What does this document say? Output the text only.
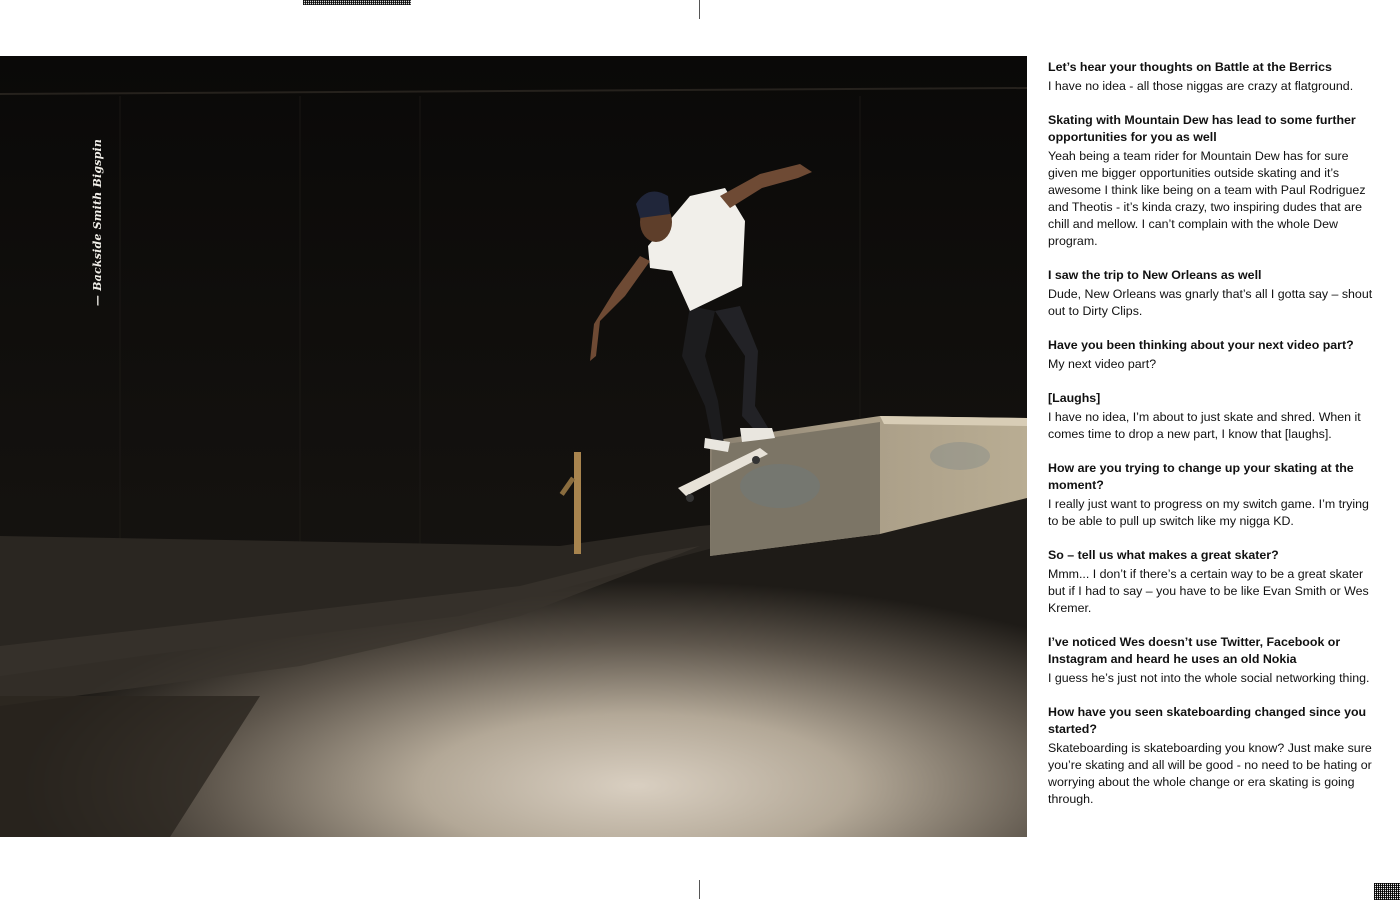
— Backside Smith Bigspin

Let’s hear your thoughts on Battle at the Berrics

I have no idea - all those niggas are crazy at flatground.

Skating with Mountain Dew has lead to some further opportunities for you as well

Yeah being a team rider for Mountain Dew has for sure given me bigger opportunities outside skating and it’s awesome I think like being on a team with Paul Rodriguez and Theotis - it’s kinda crazy, two inspiring dudes that are chill and mellow. I can’t complain with the whole Dew program.

I saw the trip to New Orleans as well

Dude, New Orleans was gnarly that’s all I gotta say – shout out to Dirty Clips.

Have you been thinking about your next video part?

My next video part?

[Laughs]

I have no idea, I’m about to just skate and shred. When it comes time to drop a new part, I know that [laughs].

How are you trying to change up your skating at the moment?

I really just want to progress on my switch game. I’m trying to be able to pull up switch like my nigga KD.

So – tell us what makes a great skater?

Mmm... I don’t if there’s a certain way to be a great skater but if I had to say – you have to be like Evan Smith or Wes Kremer.

I’ve noticed Wes doesn’t use Twitter, Facebook or Instagram and heard he uses an old Nokia

I guess he’s just not into the whole social networking thing.

How have you seen skateboarding changed since you started?

Skateboarding is skateboarding you know? Just make sure you’re skating and all will be good - no need to be hating or worrying about the whole change or era skating is going through.
